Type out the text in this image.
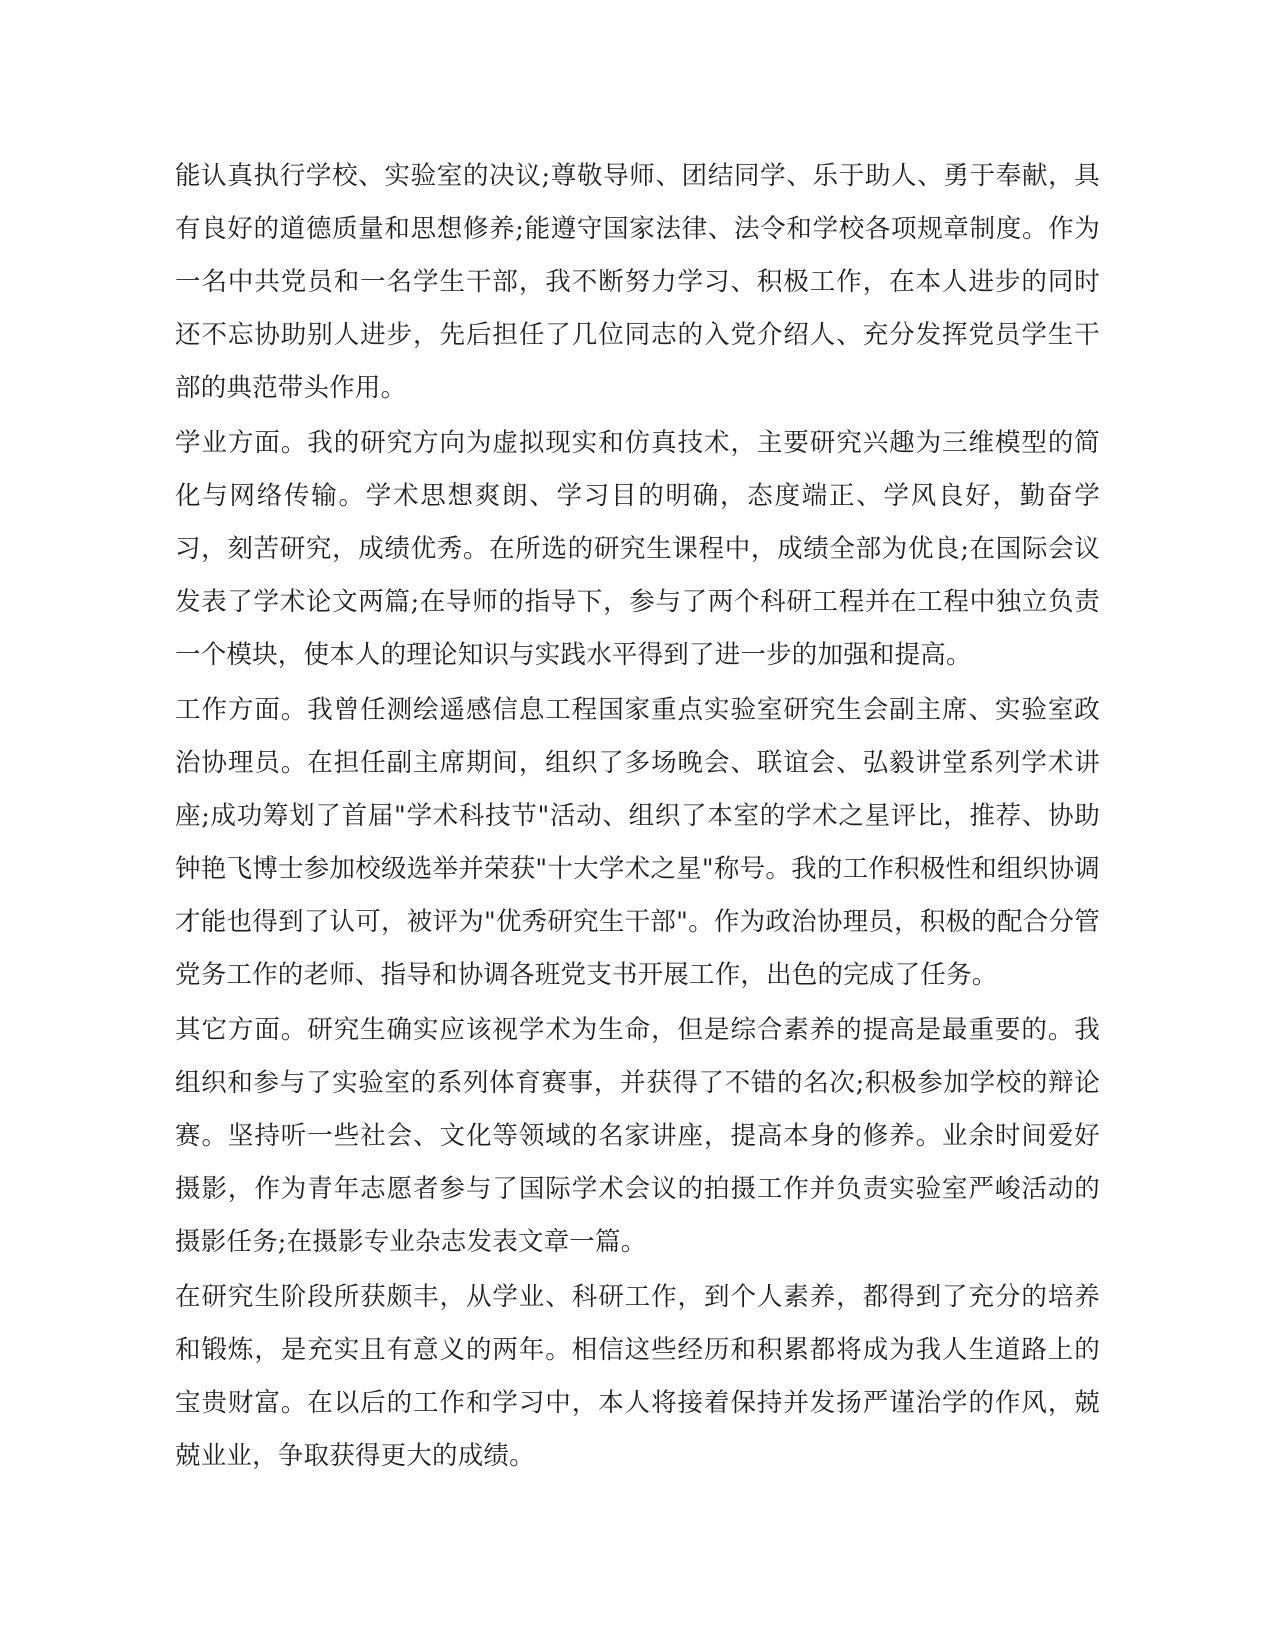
能认真执行学校、实验室的决议;尊敬导师、团结同学、乐于助人、勇于奉献，具有良好的道德质量和思想修养;能遵守国家法律、法令和学校各项规章制度。作为一名中共党员和一名学生干部，我不断努力学习、积极工作，在本人进步的同时还不忘协助别人进步，先后担任了几位同志的入党介绍人、充分发挥党员学生干部的典范带头作用。

学业方面。我的研究方向为虚拟现实和仿真技术，主要研究兴趣为三维模型的简化与网络传输。学术思想爽朗、学习目的明确，态度端正、学风良好，勤奋学习，刻苦研究，成绩优秀。在所选的研究生课程中，成绩全部为优良;在国际会议发表了学术论文两篇;在导师的指导下，参与了两个科研工程并在工程中独立负责一个模块，使本人的理论知识与实践水平得到了进一步的加强和提高。

工作方面。我曾任测绘遥感信息工程国家重点实验室研究生会副主席、实验室政治协理员。在担任副主席期间，组织了多场晚会、联谊会、弘毅讲堂系列学术讲座;成功筹划了首届"学术科技节"活动、组织了本室的学术之星评比，推荐、协助钟艳飞博士参加校级选举并荣获"十大学术之星"称号。我的工作积极性和组织协调才能也得到了认可，被评为"优秀研究生干部"。作为政治协理员，积极的配合分管党务工作的老师、指导和协调各班党支书开展工作，出色的完成了任务。

其它方面。研究生确实应该视学术为生命，但是综合素养的提高是最重要的。我组织和参与了实验室的系列体育赛事，并获得了不错的名次;积极参加学校的辩论赛。坚持听一些社会、文化等领域的名家讲座，提高本身的修养。业余时间爱好摄影，作为青年志愿者参与了国际学术会议的拍摄工作并负责实验室严峻活动的摄影任务;在摄影专业杂志发表文章一篇。

在研究生阶段所获颇丰，从学业、科研工作，到个人素养，都得到了充分的培养和锻炼，是充实且有意义的两年。相信这些经历和积累都将成为我人生道路上的宝贵财富。在以后的工作和学习中，本人将接着保持并发扬严谨治学的作风，兢兢业业，争取获得更大的成绩。
